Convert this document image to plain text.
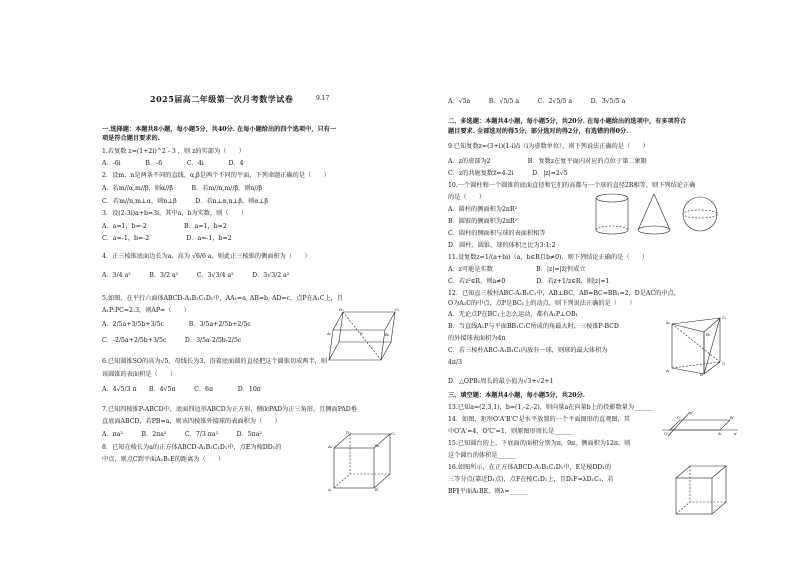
2025届高二年级第一次月考数学试卷	9.17
一.选择题：本题共8小题，每小题5分，共40分. 在每小题给出的四个选项中，只有一
项是符合题目要求的.
1.若复数 z=(1+2i)^2 - 3 ，则 z的实部为（　　）
A．-6i　　　　B．-6　　　　C．4i　　　　D．4
2．设m，n是两条不同的直线，α,β是两个不同的平面，下列命题正确的是（　　）
A．若m//α,m//β，则α//β　　　B．若m//n,m//β，则n//β
C．若m//n,m⊥α，则n⊥β　　　D．若n⊥α,n⊥β，则α⊥β
3．设(2-3i)a+b=3i，其中a，b为实数，则（　　）
A．a=1，b=-2　　　　　　B．a=1，b=2
C．a=-1，b=-2　　　　　　D．a=-1，b=2
4．正三棱锥底面边长为a，高为 √6/6 a，则此正三棱锥的侧面积为（　　）
A．3/4 a²　　　B．3/2 a²　　　C．3√3/4 a²　　　D．3√3/2 a²
5.如图，在平行六面体ABCD-A₁B₁C₁D₁中，AA₁=a, AB=b, AD=c，点P在A₁C上，且
A₁P:PC=2:3，则AP=（　　）
A．2/5a+3/5b+3/5c　　　　B．3/5a+2/5b+2/5c
C．-2/5a+2/5b+3/5c　　　D．3/5a-2/5b-2/5c
6.已知圆锥SO的高为√5，母线长为3，沿着底面圆的直径把这个圆锥切成两半，则
该圆锥的表面积是（　　）
A．4√5/3 π　　B．4√5π　　　C．6π　　　　D．10π
7.已知四棱锥P-ABCD中，底面四边形ABCD为正方形，侧面PAD为正三角形，且侧面PAD垂
直底面ABCD，若PB=a，则该四棱锥外接球的表面积为（　　）
A．πa²　　　B．2πa²　　　C．7/3 πa²　　　D．5πa²
8．已知在棱长为a的正方体ABCD-A₁B₁C₁D₁中，点E为棱DD₁的
中点，则点C到平面A₁B₁E的距离为（　　）
D₁	C₁
B₁
A₁	P
D₁	C₁
A₁	B₁
A	B
A．√5a　　　B．√5/5 a　　　C．2√5/5 a　　　D．3√5/5 a
二、多选题：本题共4小题，每小题5分，共20分. 在每小题给出的选项中，有多项符合
题目要求. 全部选对的得5分，部分选对的得2分，有选错的得0分.
9.已知复数z=(3+i)(1-i)/i（i为虚数单位），则下列说法正确的是（　　）
A．z的虚部为2　　　　　　B．复数z在复平面内对应的点位于第二象限
C．z的共轭复数z̄=4-2i　　　D．|z|=2√5
10.一个圆柱和一个圆锥的底面直径和它们的高都与一个球的直径2R相等，则下列结论正确
的是（　　）
A．圆柱的侧面积为2πR²
B．圆锥的侧面积为2πR²
C．圆柱的侧面积与球的表面积相等
D．圆柱、圆锥、球的体积之比为3:1:2
11.设复数z=1/(a+bi)（a，b∈R且b≠0)，则下列结论正确的是（　　）
A．z可能是实数　　　　　　　B．|z|=|z̄|恒成立
C．若z²∈R，则a≠0　　　　　D．若z+1/z∈R，则|z|=1
12．已知直三棱柱ABC-A₁B₁C₁中，AB⊥BC，AB=BC=BB₁=2，D是AC的中点，
O为A₁C的中点，点P是BC₁上的动点，则下列说法正确的是（　　）
A．无论点P在BC₁上怎么运动，都有A₁P⊥OB₁
B．当直线A₁P与平面BB₁C₁C所成的角最大时，三棱锥P-BCD
的外接球表面积为4π
C．若三棱柱ABC-A₁B₁C₁内放有一球，则球的最大体积为
4π/3
D．△OPB₁周长的最小值为√3+√2+1
三、填空题：本题共4小题，每小题5分，共20分.
13.已知a=(2,3,1)，b=(1,-2,-2)，则向量a在向量b上的投影数量为______
14．如图，矩形O'A'B'C'是水平放置的一个平面图形的直观图，其
中O'A'=4，O'C'=1，则原图形周长是______
15.已知圆台的上、下底面的面积分别为π，9π，侧面积为12π，则
这个圆台的体积是______
16.如图所示，在正方体ABCD-A₁B₁C₁D₁中，E是棱DD₁的
三等分点(靠近D₁点)，点F在棱C₁D₁上，且D₁F=λD₁C₁，若
BF∥平面A₁BE，则λ=______
A₁
C₁
B₁
A
C
B
O'	A'
B'
C'
x'
y'
